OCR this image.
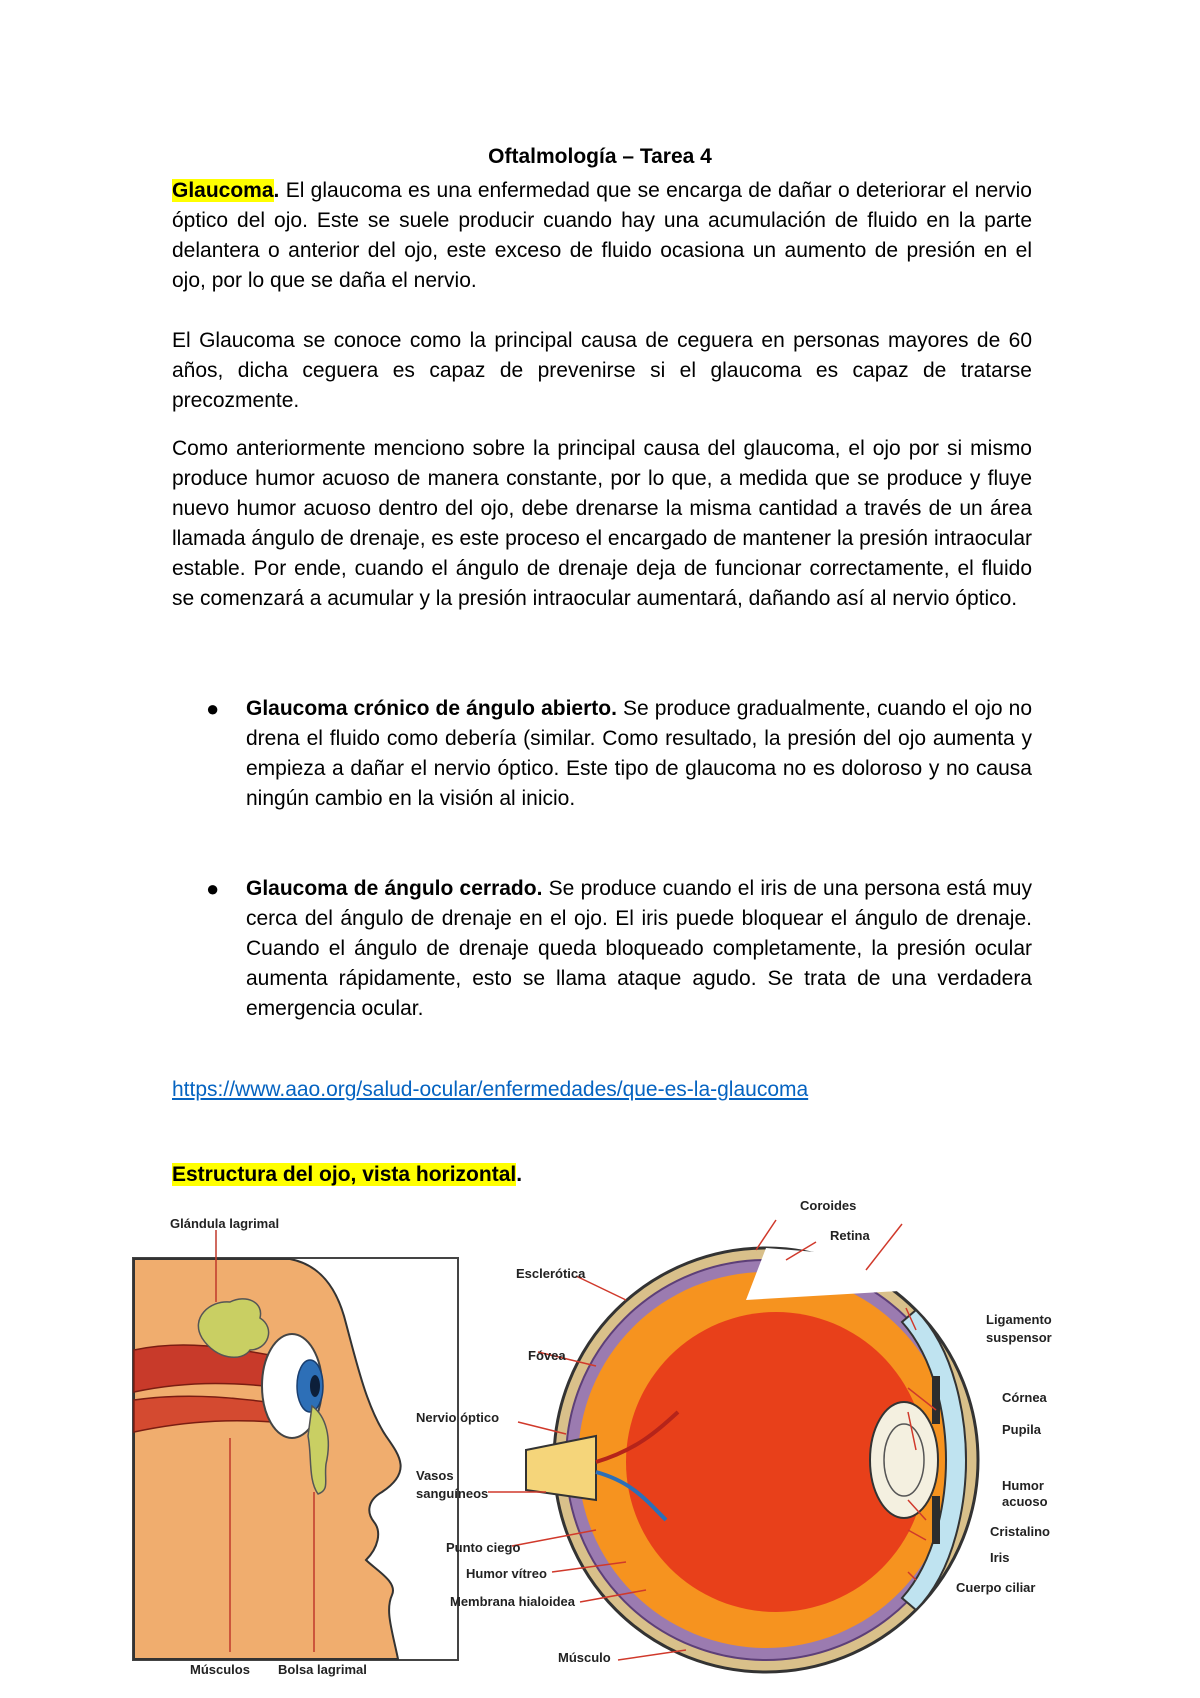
Oftalmología – Tarea 4

Glaucoma. El glaucoma es una enfermedad que se encarga de dañar o deteriorar el nervio óptico del ojo. Este se suele producir cuando hay una acumulación de fluido en la parte delantera o anterior del ojo, este exceso de fluido ocasiona un aumento de presión en el ojo, por lo que se daña el nervio.

El Glaucoma se conoce como la principal causa de ceguera en personas mayores de 60 años, dicha ceguera es capaz de prevenirse si el glaucoma es capaz de tratarse precozmente.

Como anteriormente menciono sobre la principal causa del glaucoma, el ojo por si mismo produce humor acuoso de manera constante, por lo que, a medida que se produce y fluye nuevo humor acuoso dentro del ojo, debe drenarse la misma cantidad a través de un área llamada ángulo de drenaje, es este proceso el encargado de mantener la presión intraocular estable. Por ende, cuando el ángulo de drenaje deja de funcionar correctamente, el fluido se comenzará a acumular y la presión intraocular aumentará, dañando así al nervio óptico.

● Glaucoma crónico de ángulo abierto. Se produce gradualmente, cuando el ojo no drena el fluido como debería (similar. Como resultado, la presión del ojo aumenta y empieza a dañar el nervio óptico. Este tipo de glaucoma no es doloroso y no causa ningún cambio en la visión al inicio.

● Glaucoma de ángulo cerrado. Se produce cuando el iris de una persona está muy cerca del ángulo de drenaje en el ojo. El iris puede bloquear el ángulo de drenaje. Cuando el ángulo de drenaje queda bloqueado completamente, la presión ocular aumenta rápidamente, esto se llama ataque agudo. Se trata de una verdadera emergencia ocular.

https://www.aao.org/salud-ocular/enfermedades/que-es-la-glaucoma
Estructura del ojo, vista horizontal.
Glándula lagrimal
Músculos Bolsa lagrimal
Coroides
Retina
Esclerótica
Fóvea
Nervio óptico
Vasos
sanguíneos
Punto ciego
Humor vítreo
Membrana hialoidea
Músculo
Ligamento
suspensor
Córnea
Pupila
Humor
acuoso
Cristalino
Iris
Cuerpo ciliar
